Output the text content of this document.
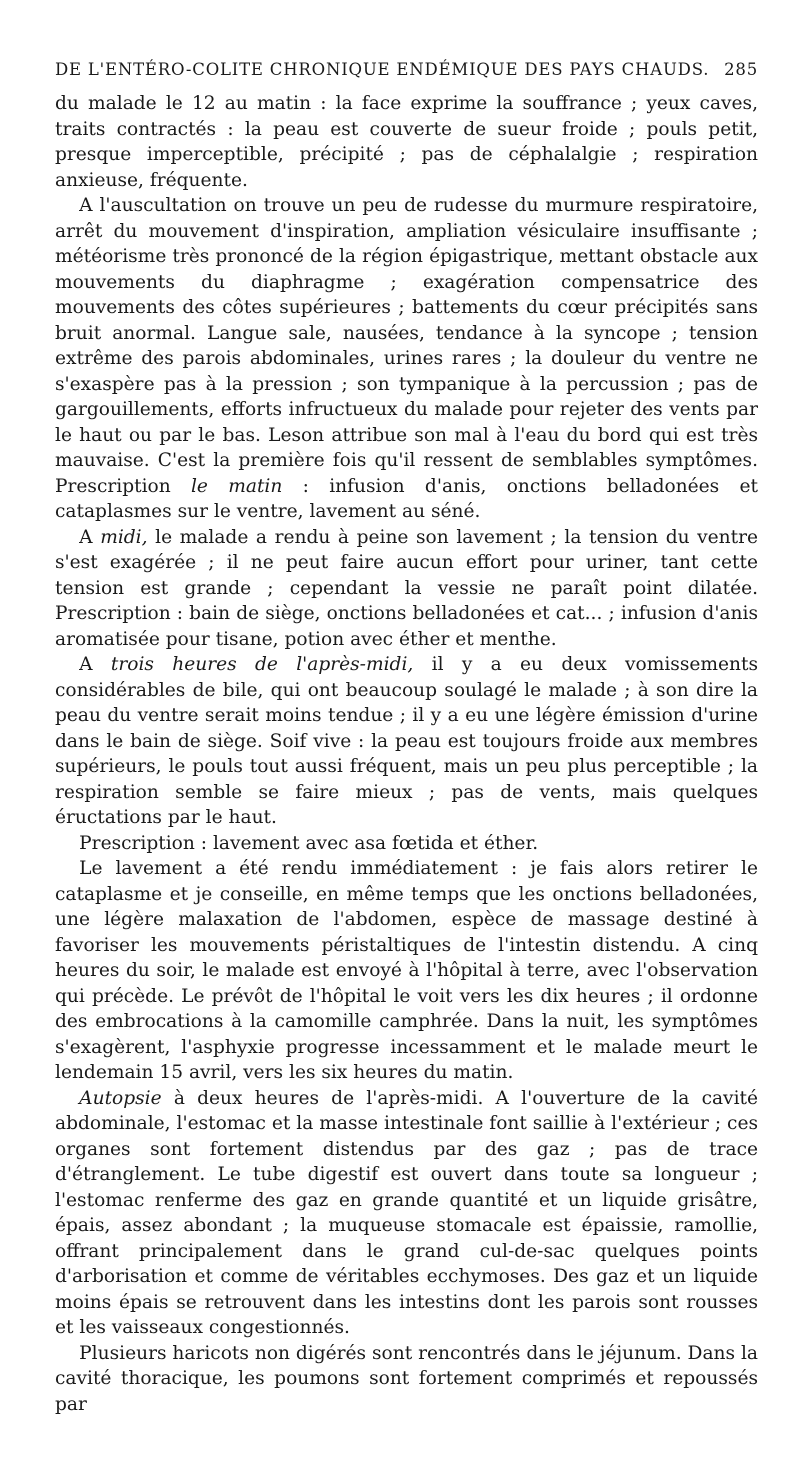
DE L'ENTÉRO-COLITE CHRONIQUE ENDÉMIQUE DES PAYS CHAUDS. 285

du malade le 12 au matin : la face exprime la souffrance ; yeux caves, traits contractés : la peau est couverte de sueur froide ; pouls petit, presque imperceptible, précipité ; pas de céphalalgie ; respiration anxieuse, fréquente.

A l'auscultation on trouve un peu de rudesse du murmure respiratoire, arrêt du mouvement d'inspiration, ampliation vésiculaire insuffisante ; météorisme très prononcé de la région épigastrique, mettant obstacle aux mouvements du diaphragme ; exagération compensatrice des mouvements des côtes supérieures ; battements du cœur précipités sans bruit anormal. Langue sale, nausées, tendance à la syncope ; tension extrême des parois abdominales, urines rares ; la douleur du ventre ne s'exaspère pas à la pression ; son tympanique à la percussion ; pas de gargouillements, efforts infructueux du malade pour rejeter des vents par le haut ou par le bas. Leson attribue son mal à l'eau du bord qui est très mauvaise. C'est la première fois qu'il ressent de semblables symptômes. Prescription le matin : infusion d'anis, onctions belladonées et cataplasmes sur le ventre, lavement au séné.

A midi, le malade a rendu à peine son lavement ; la tension du ventre s'est exagérée ; il ne peut faire aucun effort pour uriner, tant cette tension est grande ; cependant la vessie ne paraît point dilatée. Prescription : bain de siège, onctions belladonées et cat... ; infusion d'anis aromatisée pour tisane, potion avec éther et menthe.

A trois heures de l'après-midi, il y a eu deux vomissements considérables de bile, qui ont beaucoup soulagé le malade ; à son dire la peau du ventre serait moins tendue ; il y a eu une légère émission d'urine dans le bain de siège. Soif vive : la peau est toujours froide aux membres supérieurs, le pouls tout aussi fréquent, mais un peu plus perceptible ; la respiration semble se faire mieux ; pas de vents, mais quelques éructations par le haut.

Prescription : lavement avec asa fœtida et éther.

Le lavement a été rendu immédiatement : je fais alors retirer le cataplasme et je conseille, en même temps que les onctions belladonées, une légère malaxation de l'abdomen, espèce de massage destiné à favoriser les mouvements péristaltiques de l'intestin distendu. A cinq heures du soir, le malade est envoyé à l'hôpital à terre, avec l'observation qui précède. Le prévôt de l'hôpital le voit vers les dix heures ; il ordonne des embrocations à la camomille camphrée. Dans la nuit, les symptômes s'exagèrent, l'asphyxie progresse incessamment et le malade meurt le lendemain 15 avril, vers les six heures du matin.

Autopsie à deux heures de l'après-midi. A l'ouverture de la cavité abdominale, l'estomac et la masse intestinale font saillie à l'extérieur ; ces organes sont fortement distendus par des gaz ; pas de trace d'étranglement. Le tube digestif est ouvert dans toute sa longueur ; l'estomac renferme des gaz en grande quantité et un liquide grisâtre, épais, assez abondant ; la muqueuse stomacale est épaissie, ramollie, offrant principalement dans le grand cul-de-sac quelques points d'arborisation et comme de véritables ecchymoses. Des gaz et un liquide moins épais se retrouvent dans les intestins dont les parois sont rousses et les vaisseaux congestionnés.

Plusieurs haricots non digérés sont rencontrés dans le jéjunum. Dans la cavité thoracique, les poumons sont fortement comprimés et repoussés par
